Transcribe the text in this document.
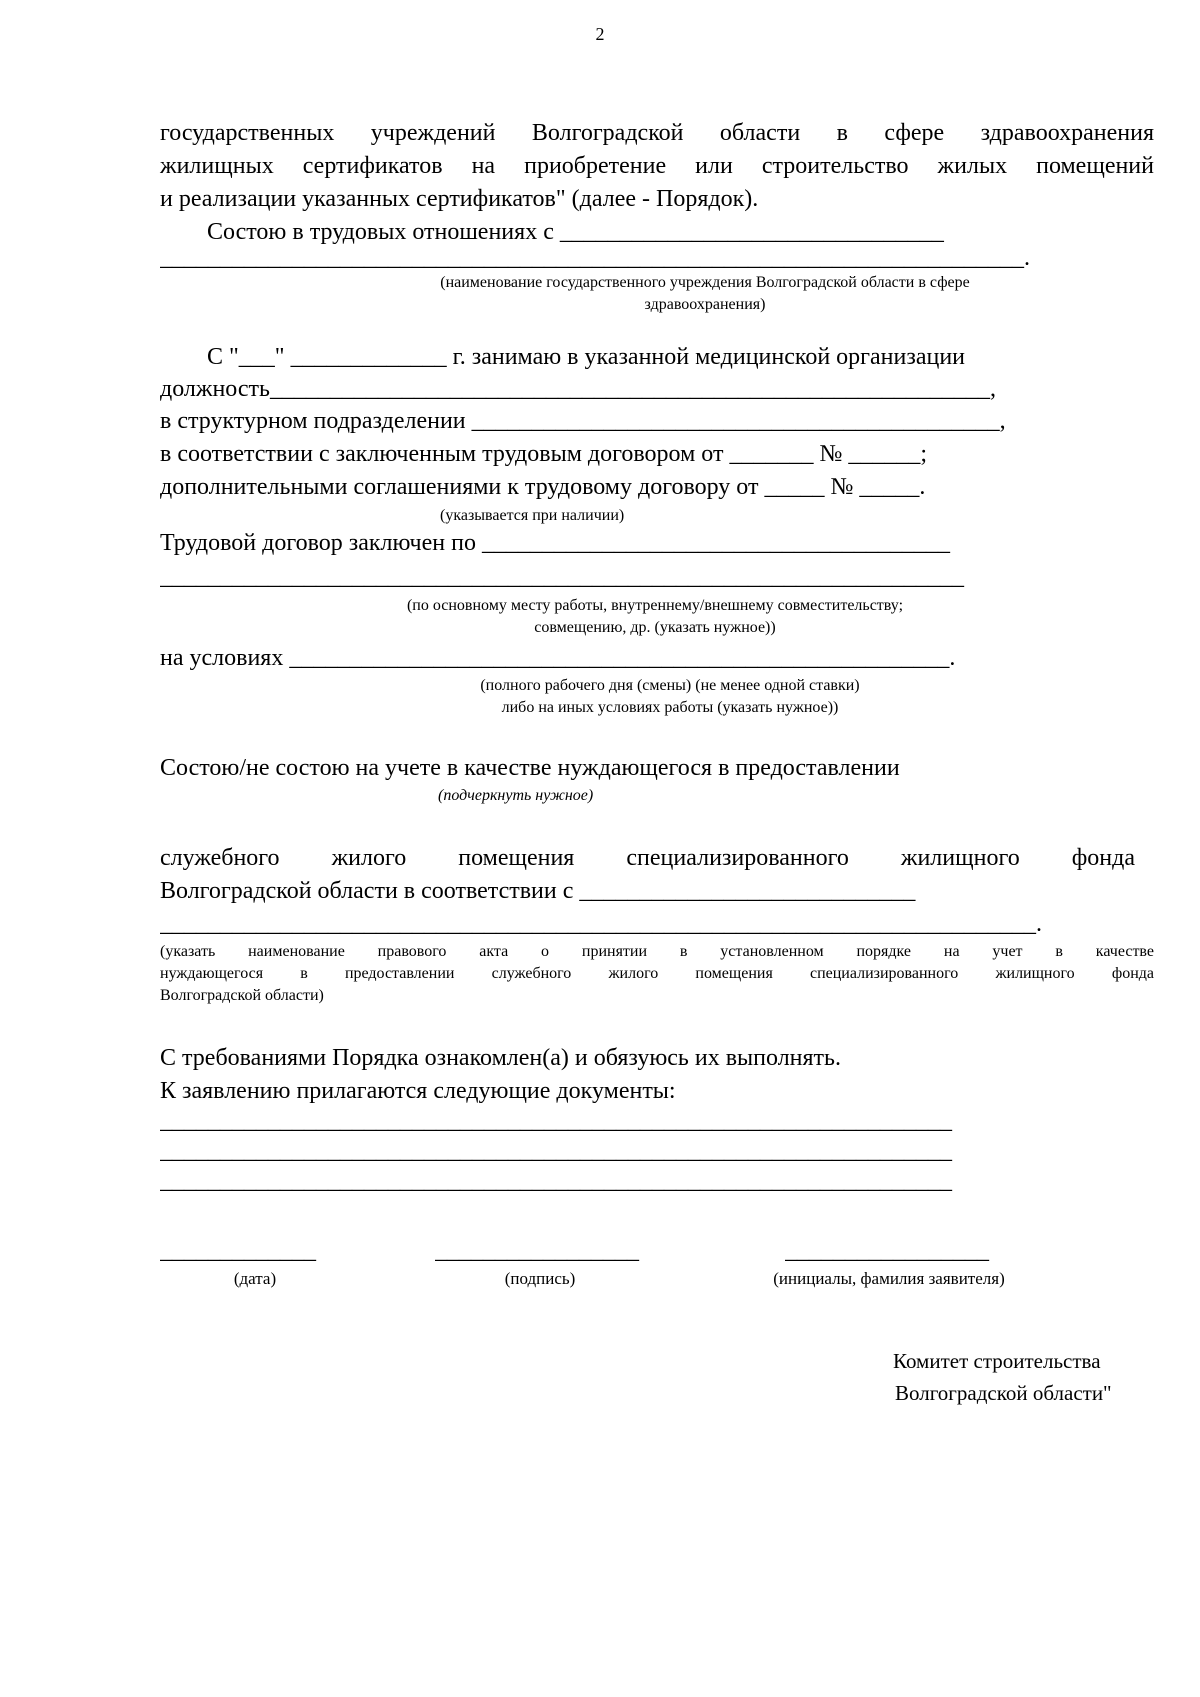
2
государственных учреждений Волгоградской области в сфере здравоохранения
жилищных сертификатов на приобретение или строительство жилых помещений
и реализации указанных сертификатов" (далее - Порядок).
Состою в трудовых отношениях с ________________________________
________________________________________________________________________.
(наименование государственного учреждения Волгоградской области в сфере
здравоохранения)
С "___" _____________ г. занимаю в указанной медицинской организации
должность____________________________________________________________,
в структурном подразделении ____________________________________________,
в соответствии с заключенным трудовым договором от _______ № ______;
дополнительными соглашениями к трудовому договору от _____ № _____.
(указывается при наличии)
Трудовой договор заключен по _______________________________________
___________________________________________________________________
(по основному месту работы, внутреннему/внешнему совместительству;
совмещению, др. (указать нужное))
на условиях _______________________________________________________.
(полного рабочего дня (смены) (не менее одной ставки)
либо на иных условиях работы (указать нужное))
Состою/не состою на учете в качестве нуждающегося в предоставлении
(подчеркнуть нужное)
служебного жилого помещения специализированного жилищного фонда
Волгоградской области в соответствии с ____________________________
_________________________________________________________________________.
(указать наименование правового акта о принятии в установленном порядке на учет в качестве
нуждающегося в предоставлении служебного жилого помещения специализированного жилищного фонда
Волгоградской области)
С требованиями Порядка ознакомлен(а) и обязуюсь их выполнять.
К заявлению прилагаются следующие документы:
__________________________________________________________________
__________________________________________________________________
__________________________________________________________________
_____________	_________________	_________________
(дата)	(подпись)	(инициалы, фамилия заявителя)
Комитет строительства
Волгоградской области"
